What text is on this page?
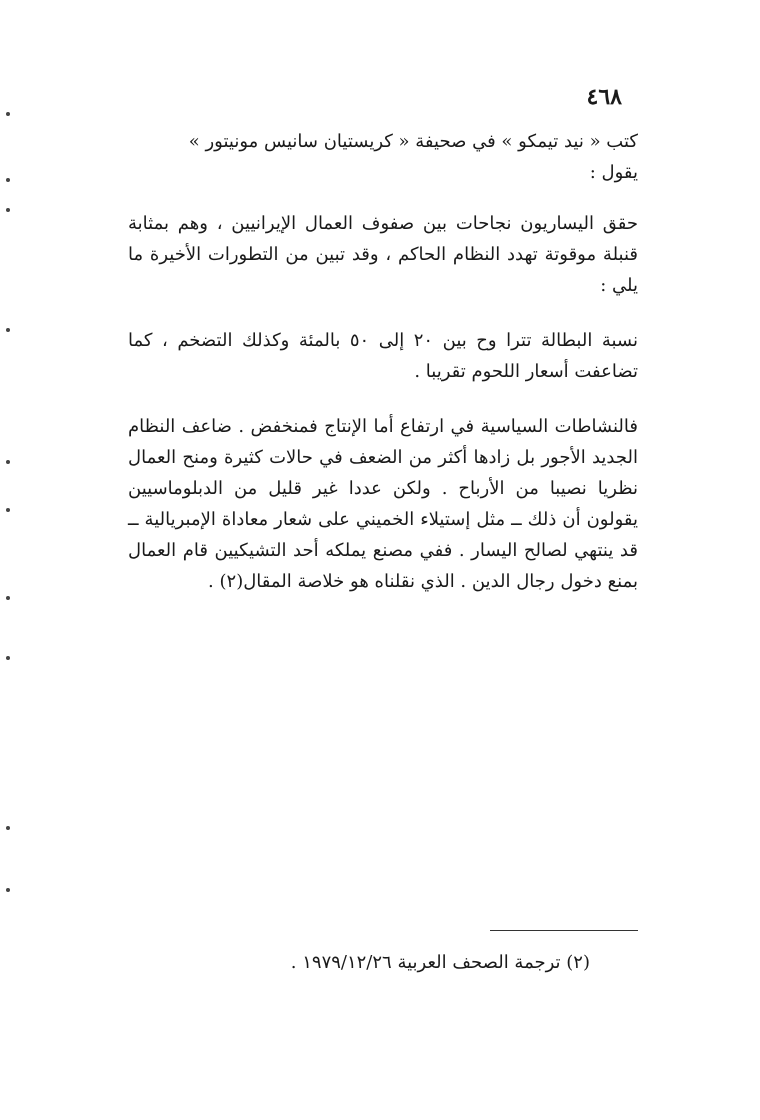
٤٦٨

كتب « نيد تيمكو » في صحيفة « كريستيان سانيس مونيتور »
يقول :

حقق اليساريون نجاحات بين صفوف العمال الإيرانيين ، وهم بمثابة قنبلة موقوتة تهدد النظام الحاكم ، وقد تبين من التطورات الأخيرة ما يلي :

نسبة البطالة تترا وح بين ٢٠ إلى ٥٠ بالمئة وكذلك التضخم ، كما تضاعفت أسعار اللحوم تقريبا .

فالنشاطات السياسية في ارتفاع أما الإنتاج فمنخفض . ضاعف النظام الجديد الأجور بل زادها أكثر من الضعف في حالات كثيرة ومنح العمال نظريا نصيبا من الأرباح . ولكن عددا غير قليل من الدبلوماسيين يقولون أن ذلك ــ مثل إستيلاء الخميني على شعار معاداة الإمبريالية ــ قد ينتهي لصالح اليسار . ففي مصنع يملكه أحد التشيكيين قام العمال بمنع دخول رجال الدين . الذي نقلناه هو خلاصة المقال(٢) .

(٢) ترجمة الصحف العربية ١٩٧٩/١٢/٢٦ .
